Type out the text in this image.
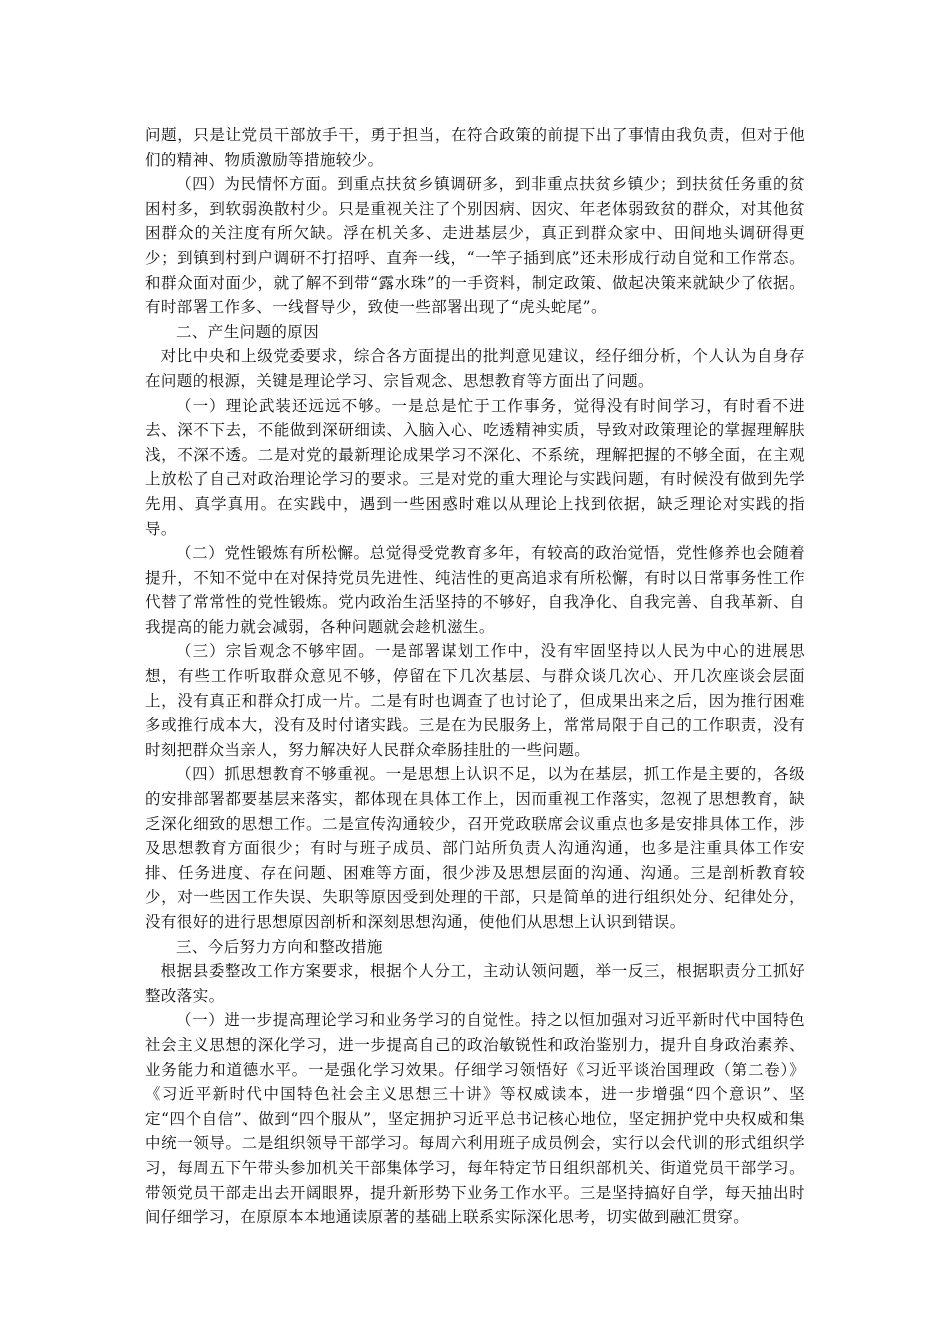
问题，只是让党员干部放手干，勇于担当，在符合政策的前提下出了事情由我负责，但对于他们的精神、物质激励等措施较少。

（四）为民情怀方面。到重点扶贫乡镇调研多，到非重点扶贫乡镇少；到扶贫任务重的贫困村多，到软弱涣散村少。只是重视关注了个别因病、因灾、年老体弱致贫的群众，对其他贫困群众的关注度有所欠缺。浮在机关多、走进基层少，真正到群众家中、田间地头调研得更少；到镇到村到户调研不打招呼、直奔一线，“一竿子插到底”还未形成行动自觉和工作常态。和群众面对面少，就了解不到带“露水珠”的一手资料，制定政策、做起决策来就缺少了依据。有时部署工作多、一线督导少，致使一些部署出现了“虎头蛇尾”。

二、产生问题的原因

对比中央和上级党委要求，综合各方面提出的批判意见建议，经仔细分析，个人认为自身存在问题的根源，关键是理论学习、宗旨观念、思想教育等方面出了问题。

（一）理论武装还远远不够。一是总是忙于工作事务，觉得没有时间学习，有时看不进去、深不下去，不能做到深研细读、入脑入心、吃透精神实质，导致对政策理论的掌握理解肤浅，不深不透。二是对党的最新理论成果学习不深化、不系统，理解把握的不够全面，在主观上放松了自己对政治理论学习的要求。三是对党的重大理论与实践问题，有时候没有做到先学先用、真学真用。在实践中，遇到一些困惑时难以从理论上找到依据，缺乏理论对实践的指导。

（二）党性锻炼有所松懈。总觉得受党教育多年，有较高的政治觉悟，党性修养也会随着提升，不知不觉中在对保持党员先进性、纯洁性的更高追求有所松懈，有时以日常事务性工作代替了常常性的党性锻炼。党内政治生活坚持的不够好，自我净化、自我完善、自我革新、自我提高的能力就会减弱，各种问题就会趁机滋生。

（三）宗旨观念不够牢固。一是部署谋划工作中，没有牢固坚持以人民为中心的进展思想，有些工作听取群众意见不够，停留在下几次基层、与群众谈几次心、开几次座谈会层面上，没有真正和群众打成一片。二是有时也调查了也讨论了，但成果出来之后，因为推行困难多或推行成本大，没有及时付诸实践。三是在为民服务上，常常局限于自己的工作职责，没有时刻把群众当亲人，努力解决好人民群众牵肠挂肚的一些问题。

（四）抓思想教育不够重视。一是思想上认识不足，以为在基层，抓工作是主要的，各级的安排部署都要基层来落实，都体现在具体工作上，因而重视工作落实，忽视了思想教育，缺乏深化细致的思想工作。二是宣传沟通较少，召开党政联席会议重点也多是安排具体工作，涉及思想教育方面很少；有时与班子成员、部门站所负责人沟通沟通，也多是注重具体工作安排、任务进度、存在问题、困难等方面，很少涉及思想层面的沟通、沟通。三是剖析教育较少，对一些因工作失误、失职等原因受到处理的干部，只是简单的进行组织处分、纪律处分，没有很好的进行思想原因剖析和深刻思想沟通，使他们从思想上认识到错误。

三、今后努力方向和整改措施

根据县委整改工作方案要求，根据个人分工，主动认领问题，举一反三，根据职责分工抓好整改落实。

（一）进一步提高理论学习和业务学习的自觉性。持之以恒加强对习近平新时代中国特色社会主义思想的深化学习，进一步提高自己的政治敏锐性和政治鉴别力，提升自身政治素养、业务能力和道德水平。一是强化学习效果。仔细学习领悟好《习近平谈治国理政（第二卷）》《习近平新时代中国特色社会主义思想三十讲》等权威读本，进一步增强“四个意识”、坚定“四个自信”、做到“四个服从”，坚定拥护习近平总书记核心地位，坚定拥护党中央权威和集中统一领导。二是组织领导干部学习。每周六利用班子成员例会，实行以会代训的形式组织学习，每周五下午带头参加机关干部集体学习，每年特定节日组织部机关、街道党员干部学习。带领党员干部走出去开阔眼界，提升新形势下业务工作水平。三是坚持搞好自学，每天抽出时间仔细学习，在原原本本地通读原著的基础上联系实际深化思考，切实做到融汇贯穿。
